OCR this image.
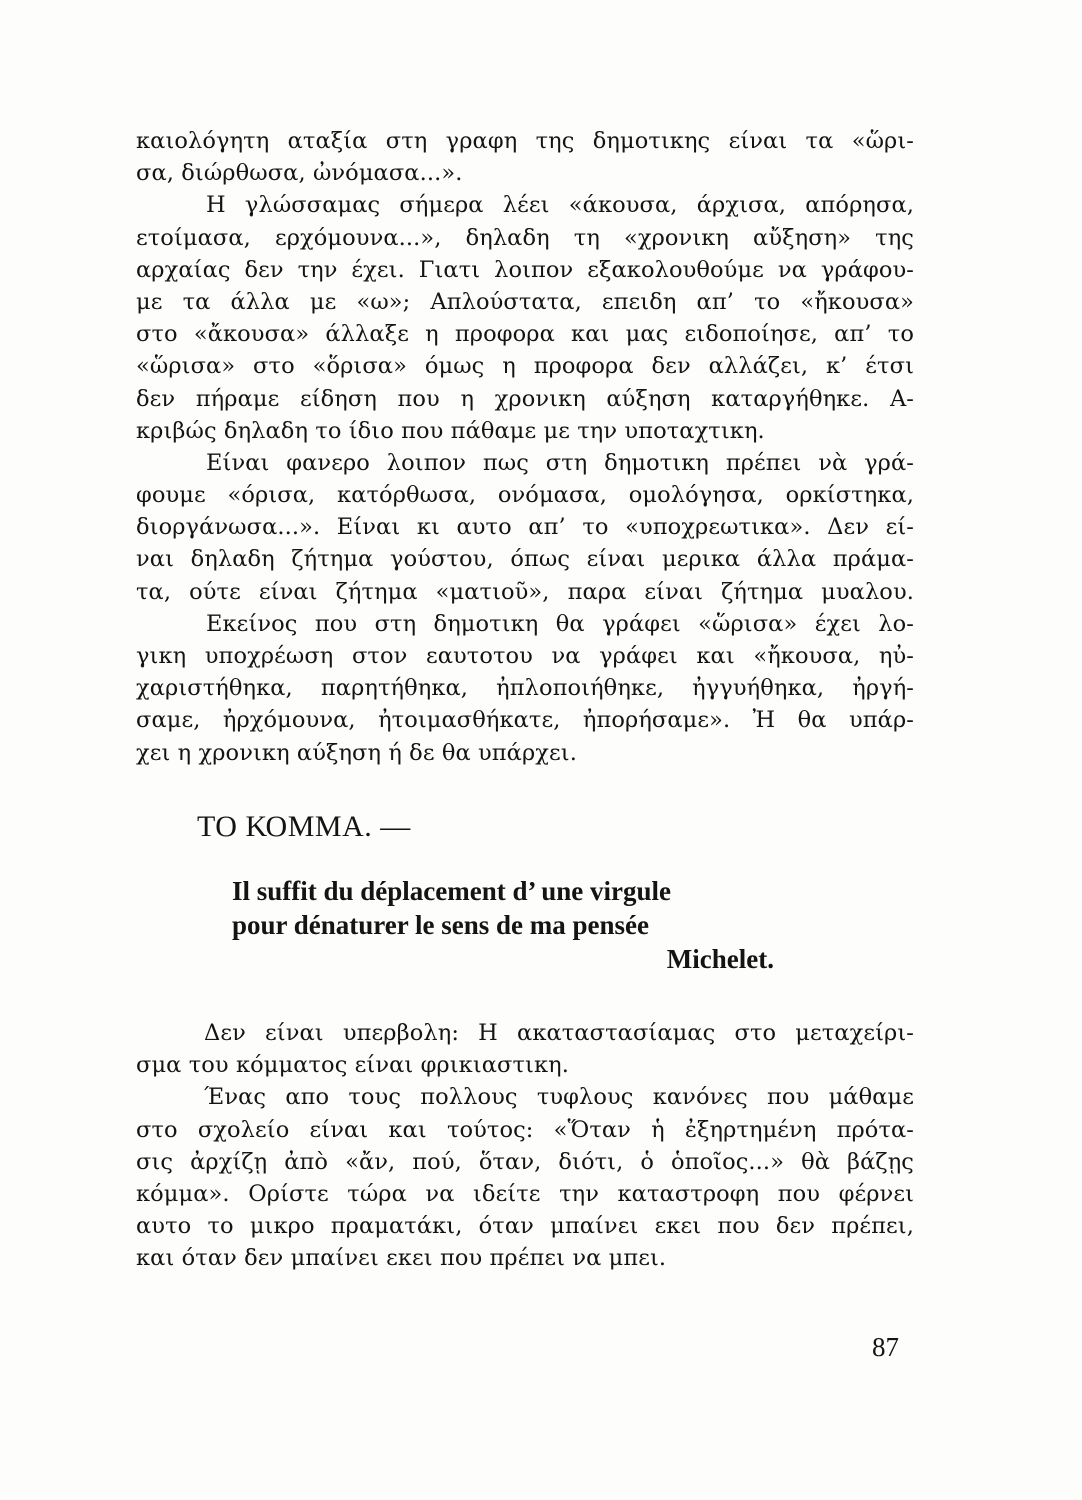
καιολόγητη αταξία στη γραφη της δημοτικης είναι τα «ὥρι-
σα, διώρθωσα, ὠνόμασα...».
Η γλώσσαμας σήμερα λέει «άκουσα, άρχισα, απόρησα,
ετοίμασα, ερχόμουνα...», δηλαδη τη «χρονικη αὔξηση» της
αρχαίας δεν την έχει. Γιατι λοιπον εξακολουθούμε να γράφου-
με τα άλλα με «ω»; Απλούστατα, επειδη απ’ το «ἤκουσα»
στο «ἄκουσα» άλλαξε η προφορα και μας ειδοποίησε, απ’ το
«ὥρισα» στο «ὅρισα» όμως η προφορα δεν αλλάζει, κ’ έτσι
δεν πήραμε είδηση που η χρονικη αύξηση καταργήθηκε. Α-
κριβώς δηλαδη το ίδιο που πάθαμε με την υποταχτικη.
Είναι φανερο λοιπον πως στη δημοτικη πρέπει νὰ γρά-
φουμε «όρισα, κατόρθωσα, ονόμασα, ομολόγησα, ορκίστηκα,
διοργάνωσα...». Είναι κι αυτο απ’ το «υποχρεωτικα». Δεν εί-
ναι δηλαδη ζήτημα γούστου, όπως είναι μερικα άλλα πράμα-
τα, ούτε είναι ζήτημα «ματιοῦ», παρα είναι ζήτημα μυαλου.
Εκείνος που στη δημοτικη θα γράφει «ὥρισα» έχει λο-
γικη υποχρέωση στον εαυτοτου να γράφει και «ἤκουσα, ηὐ-
χαριστήθηκα, παρητήθηκα, ἠπλοποιήθηκε, ἠγγυήθηκα, ἠργή-
σαμε, ἠρχόμουνα, ἠτοιμασθήκατε, ἠπορήσαμε». Ἠ θα υπάρ-
χει η χρονικη αύξηση ή δε θα υπάρχει.
ΤΟ ΚΟΜΜΑ. —
Il suffit du déplacement d’ une virgule
pour dénaturer le sens de ma pensée
Michelet.
Δεν είναι υπερβολη: Η ακαταστασίαμας στο μεταχείρι-
σμα του κόμματος είναι φρικιαστικη.
Ένας απο τους πολλους τυφλους κανόνες που μάθαμε
στο σχολείο είναι και τούτος: «Ὅταν ἡ ἐξηρτημένη πρότα-
σις ἀρχίζῃ ἀπὸ «ἄν, πού, ὅταν, διότι, ὁ ὁποῖος...» θὰ βάζῃς
κόμμα». Ορίστε τώρα να ιδείτε την καταστροφη που φέρνει
αυτο το μικρο πραματάκι, όταν μπαίνει εκει που δεν πρέπει,
και όταν δεν μπαίνει εκει που πρέπει να μπει.
87
